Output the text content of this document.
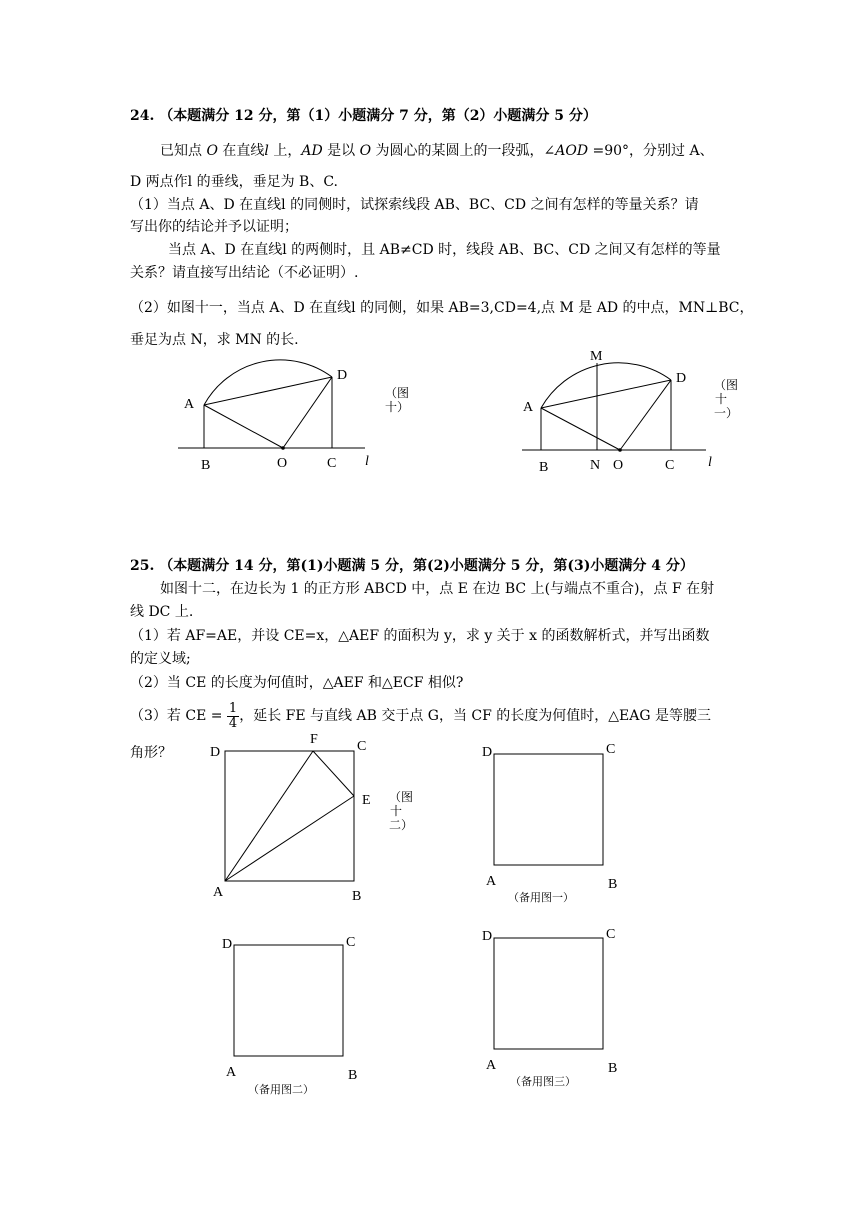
24. （本题满分 12 分，第（1）小题满分 7 分，第（2）小题满分 5 分）
已知点 O 在直线l 上，AD 是以 O 为圆心的某圆上的一段弧，∠AOD =90°，分别过 A、
D 两点作l 的垂线，垂足为 B、C.
（1）当点 A、D 在直线l 的同侧时，试探索线段 AB、BC、CD 之间有怎样的等量关系？请
写出你的结论并予以证明；
当点 A、D 在直线l 的两侧时，且 AB≠CD 时，线段 AB、BC、CD 之间又有怎样的等量
关系？请直接写出结论（不必证明）.
（2）如图十一，当点 A、D 在直线l 的同侧，如果 AB=3,CD=4,点 M 是 AD 的中点，MN⊥BC，
垂足为点 N，求 MN 的长.
A
D
B	O	C l
（图十）
M
A
D
B	N O	C l
（图十一）
25. （本题满分 14 分，第(1)小题满 5 分，第(2)小题满分 5 分，第(3)小题满分 4 分）
如图十二，在边长为 1 的正方形 ABCD 中，点 E 在边 BC 上(与端点不重合)，点 F 在射
线 DC 上.
（1）若 AF=AE，并设 CE=x，△AEF 的面积为 y，求 y 关于 x 的函数解析式，并写出函数
的定义域;
（2）当 CE 的长度为何值时，△AEF 和△ECF 相似?
（3）若 CE = $\frac{1}{4}$ ，延长 FE 与直线 AB 交于点 G，当 CF 的长度为何值时，△EAG 是等腰三
角形？	D
F	C
E
A	B
（图十二）
D	C
A	B
（备用图一）
D	C
A	B
（备用图二）
D	C
A	B
（备用图三）
